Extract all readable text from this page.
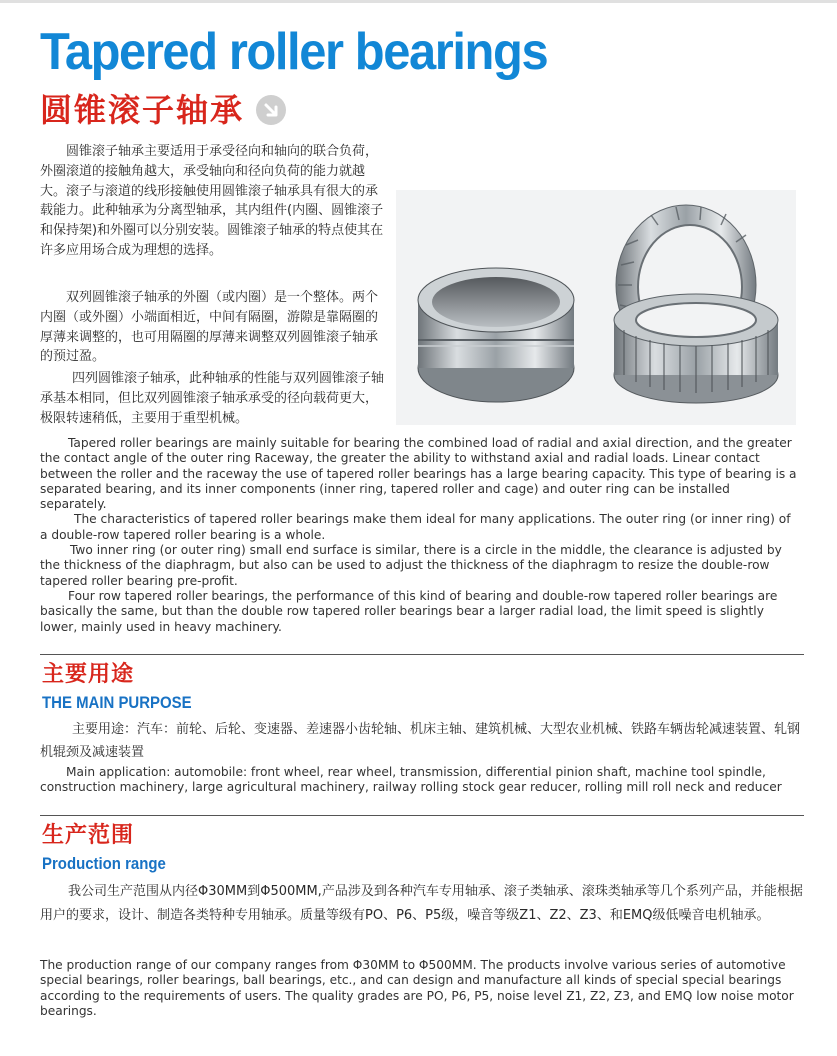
Tapered roller bearings
圆锥滚子轴承

圆锥滚子轴承主要适用于承受径向和轴向的联合负荷，外圈滚道的接触角越大，承受轴向和径向负荷的能力就越大。滚子与滚道的线形接触使用圆锥滚子轴承具有很大的承载能力。此种轴承为分离型轴承，其内组件(内圈、圆锥滚子和保持架)和外圈可以分别安装。圆锥滚子轴承的特点使其在许多应用场合成为理想的选择。

双列圆锥滚子轴承的外圈（或内圈）是一个整体。两个内圈（或外圈）小端面相近，中间有隔圈，游隙是靠隔圈的厚薄来调整的，也可用隔圈的厚薄来调整双列圆锥滚子轴承的预过盈。

四列圆锥滚子轴承，此种轴承的性能与双列圆锥滚子轴承基本相同，但比双列圆锥滚子轴承承受的径向载荷更大，极限转速稍低，主要用于重型机械。

Tapered roller bearings are mainly suitable for bearing the combined load of radial and axial direction, and the greater the contact angle of the outer ring Raceway, the greater the ability to withstand axial and radial loads. Linear contact between the roller and the raceway the use of tapered roller bearings has a large bearing capacity. This type of bearing is a separated bearing, and its inner components (inner ring, tapered roller and cage) and outer ring can be installed separately.

The characteristics of tapered roller bearings make them ideal for many applications. The outer ring (or inner ring) of a double-row tapered roller bearing is a whole.

Two inner ring (or outer ring) small end surface is similar, there is a circle in the middle, the clearance is adjusted by the thickness of the diaphragm, but also can be used to adjust the thickness of the diaphragm to resize the double-row tapered roller bearing pre-profit.

Four row tapered roller bearings, the performance of this kind of bearing and double-row tapered roller bearings are basically the same, but than the double row tapered roller bearings bear a larger radial load, the limit speed is slightly lower, mainly used in heavy machinery.

主要用途
THE MAIN PURPOSE

主要用途：汽车：前轮、后轮、变速器、差速器小齿轮轴、机床主轴、建筑机械、大型农业机械、铁路车辆齿轮减速装置、轧钢机辊颈及减速装置

Main application: automobile: front wheel, rear wheel, transmission, differential pinion shaft, machine tool spindle, construction machinery, large agricultural machinery, railway rolling stock gear reducer, rolling mill roll neck and reducer

生产范围
Production range

我公司生产范围从内径Φ30MM到Φ500MM,产品涉及到各种汽车专用轴承、滚子类轴承、滚珠类轴承等几个系列产品，并能根据用户的要求，设计、制造各类特种专用轴承。质量等级有PO、P6、P5级，噪音等级Z1、Z2、Z3、和EMQ级低噪音电机轴承。

The production range of our company ranges from Φ30MM to Φ500MM. The products involve various series of automotive special bearings, roller bearings, ball bearings, etc., and can design and manufacture all kinds of special special bearings according to the requirements of users. The quality grades are PO, P6, P5, noise level Z1, Z2, Z3, and EMQ low noise motor bearings.
